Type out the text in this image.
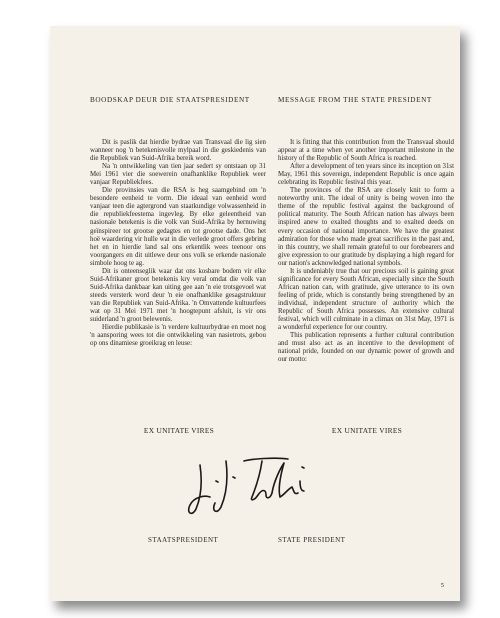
BOODSKAP DEUR DIE STAATSPRESIDENT

Dit is paslik dat hierdie bydrae van Transvaal die lig sien wanneer nog 'n betekenisvolle mylpaal in die geskiedenis van die Republiek van Suid-Afrika bereik word.

Na 'n ontwikkeling van tien jaar sedert sy ontstaan op 31 Mei 1961 vier die soewerein onafhanklike Republiek weer vanjaar Republiekfees.

Die provinsies van die RSA is heg saamgebind om 'n besondere eenheid te vorm. Die ideaal van eenheid word vanjaar teen die agtergrond van staatkundige volwassenheid in die republiekfeestema ingevleg. By elke geleentheid van nasionale betekenis is die volk van Suid-Afrika by hernuwing geïnspireer tot grootse gedagtes en tot grootse dade. Ons het hoë waardering vir hulle wat in die verlede groot offers gebring het en in hierdie land sal ons erkentlik wees teenoor ons voorgangers en dit uitlewe deur ons volk se erkende nasionale simbole hoog te ag.

Dit is onteenseglik waar dat ons kosbare bodem vir elke Suid-Afrikaner groot betekenis kry veral omdat die volk van Suid-Afrika dankbaar kan uiting gee aan 'n eie trotsgevoel wat steeds versterk word deur 'n eie onafhanklike gesagstruktuur van die Republiek van Suid-Afrika. 'n Omvattende kultuurfees wat op 31 Mei 1971 met 'n hoogtepunt afsluit, is vir ons suiderland 'n groot belewenis.

Hierdie publikasie is 'n verdere kultuurbydrae en moet nog 'n aansporing wees tot die ontwikkeling van nasietrots, gebou op ons dinamiese groeikrag en leuse:

EX UNITATE VIRES
MESSAGE FROM THE STATE PRESIDENT

It is fitting that this contribution from the Transvaal should appear at a time when yet another important milestone in the history of the Republic of South Africa is reached.

After a development of ten years since its inception on 31st May, 1961 this sovereign, independent Republic is once again celebrating its Republic festival this year.

The provinces of the RSA are closely knit to form a noteworthy unit. The ideal of unity is being woven into the theme of the republic festival against the background of political maturity. The South African nation has always been inspired anew to exalted thoughts and to exalted deeds on every occasion of national importance. We have the greatest admiration for those who made great sacrifices in the past and, in this country, we shall remain grateful to our forebearers and give expression to our gratitude by displaying a high regard for our nation's acknowledged national symbols.

It is undeniably true that our precious soil is gaining great significance for every South African, especially since the South African nation can, with gratitude, give utterance to its own feeling of pride, which is constantly being strengthened by an individual, independent structure of authority which the Republic of South Africa possesses. An extensive cultural festival, which will culminate in a climax on 31st May, 1971 is a wonderful experience for our country.

This publication represents a further cultural contribution and must also act as an incentive to the development of national pride, founded on our dynamic power of growth and our motto:

EX UNITATE VIRES
STAATSPRESIDENT	STATE PRESIDENT
5
